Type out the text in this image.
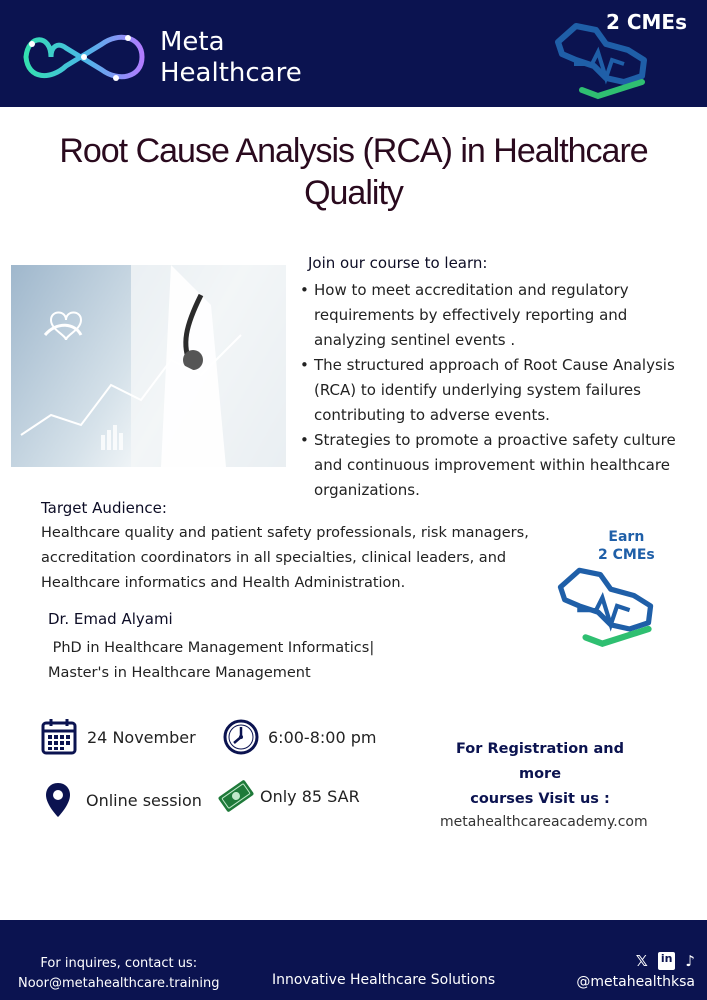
Meta
Healthcare
2 CMEs
Root Cause Analysis (RCA) in Healthcare
Quality
Join our course to learn:
• How to meet accreditation and regulatory
requirements by effectively reporting and
analyzing sentinel events .
• The structured approach of Root Cause Analysis
(RCA) to identify underlying system failures
contributing to adverse events.
• Strategies to promote a proactive safety culture
and continuous improvement within healthcare
organizations.
Target Audience:
Healthcare quality and patient safety professionals, risk managers,
accreditation coordinators in all specialties, clinical leaders, and
Healthcare informatics and Health Administration.
Earn
2 CMEs
Dr. Emad Alyami
PhD in Healthcare Management Informatics|
Master's in Healthcare Management
24 November	6:00-8:00 pm
Online session	Only 85 SAR
For Registration and more
courses Visit us :
metahealthcareacademy.com
For inquires, contact us:
Noor@metahealthcare.training	Innovative Healthcare Solutions
𝕏 in ♪
@metahealthksa
